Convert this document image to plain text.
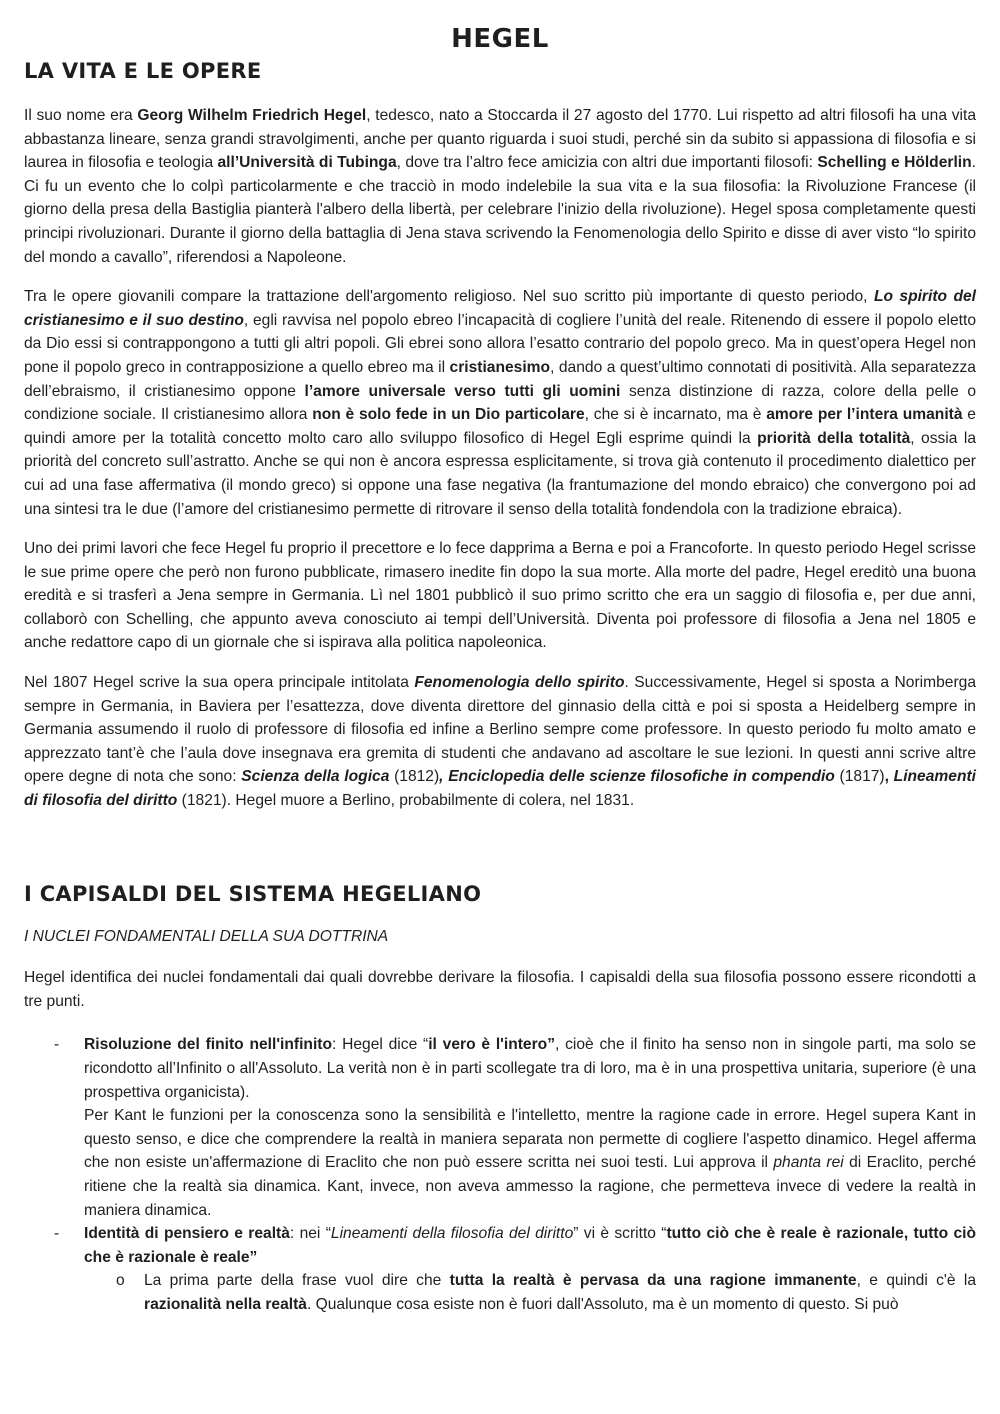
HEGEL
LA VITA E LE OPERE

Il suo nome era Georg Wilhelm Friedrich Hegel, tedesco, nato a Stoccarda il 27 agosto del 1770. Lui rispetto ad altri filosofi ha una vita abbastanza lineare, senza grandi stravolgimenti, anche per quanto riguarda i suoi studi, perché sin da subito si appassiona di filosofia e si laurea in filosofia e teologia all’Università di Tubinga, dove tra l’altro fece amicizia con altri due importanti filosofi: Schelling e Hölderlin. Ci fu un evento che lo colpì particolarmente e che tracciò in modo indelebile la sua vita e la sua filosofia: la Rivoluzione Francese (il giorno della presa della Bastiglia pianterà l'albero della libertà, per celebrare l'inizio della rivoluzione). Hegel sposa completamente questi principi rivoluzionari. Durante il giorno della battaglia di Jena stava scrivendo la Fenomenologia dello Spirito e disse di aver visto “lo spirito del mondo a cavallo”, riferendosi a Napoleone.

Tra le opere giovanili compare la trattazione dell'argomento religioso. Nel suo scritto più importante di questo periodo, Lo spirito del cristianesimo e il suo destino, egli ravvisa nel popolo ebreo l’incapacità di cogliere l’unità del reale. Ritenendo di essere il popolo eletto da Dio essi si contrappongono a tutti gli altri popoli. Gli ebrei sono allora l’esatto contrario del popolo greco. Ma in quest’opera Hegel non pone il popolo greco in contrapposizione a quello ebreo ma il cristianesimo, dando a quest’ultimo connotati di positività. Alla separatezza dell’ebraismo, il cristianesimo oppone l’amore universale verso tutti gli uomini senza distinzione di razza, colore della pelle o condizione sociale. Il cristianesimo allora non è solo fede in un Dio particolare, che si è incarnato, ma è amore per l’intera umanità e quindi amore per la totalità concetto molto caro allo sviluppo filosofico di Hegel Egli esprime quindi la priorità della totalità, ossia la priorità del concreto sull’astratto. Anche se qui non è ancora espressa esplicitamente, si trova già contenuto il procedimento dialettico per cui ad una fase affermativa (il mondo greco) si oppone una fase negativa (la frantumazione del mondo ebraico) che convergono poi ad una sintesi tra le due (l’amore del cristianesimo permette di ritrovare il senso della totalità fondendola con la tradizione ebraica).

Uno dei primi lavori che fece Hegel fu proprio il precettore e lo fece dapprima a Berna e poi a Francoforte. In questo periodo Hegel scrisse le sue prime opere che però non furono pubblicate, rimasero inedite fin dopo la sua morte. Alla morte del padre, Hegel ereditò una buona eredità e si trasferì a Jena sempre in Germania. Lì nel 1801 pubblicò il suo primo scritto che era un saggio di filosofia e, per due anni, collaborò con Schelling, che appunto aveva conosciuto ai tempi dell’Università. Diventa poi professore di filosofia a Jena nel 1805 e anche redattore capo di un giornale che si ispirava alla politica napoleonica.

Nel 1807 Hegel scrive la sua opera principale intitolata Fenomenologia dello spirito. Successivamente, Hegel si sposta a Norimberga sempre in Germania, in Baviera per l’esattezza, dove diventa direttore del ginnasio della città e poi si sposta a Heidelberg sempre in Germania assumendo il ruolo di professore di filosofia ed infine a Berlino sempre come professore. In questo periodo fu molto amato e apprezzato tant’è che l’aula dove insegnava era gremita di studenti che andavano ad ascoltare le sue lezioni. In questi anni scrive altre opere degne di nota che sono: Scienza della logica (1812), Enciclopedia delle scienze filosofiche in compendio (1817), Lineamenti di filosofia del diritto (1821). Hegel muore a Berlino, probabilmente di colera, nel 1831.

I CAPISALDI DEL SISTEMA HEGELIANO

I NUCLEI FONDAMENTALI DELLA SUA DOTTRINA

Hegel identifica dei nuclei fondamentali dai quali dovrebbe derivare la filosofia. I capisaldi della sua filosofia possono essere ricondotti a tre punti.

- Risoluzione del finito nell'infinito: Hegel dice “il vero è l'intero”, cioè che il finito ha senso non in singole parti, ma solo se ricondotto all’Infinito o all'Assoluto. La verità non è in parti scollegate tra di loro, ma è in una prospettiva unitaria, superiore (è una prospettiva organicista).
Per Kant le funzioni per la conoscenza sono la sensibilità e l'intelletto, mentre la ragione cade in errore. Hegel supera Kant in questo senso, e dice che comprendere la realtà in maniera separata non permette di cogliere l'aspetto dinamico. Hegel afferma che non esiste un'affermazione di Eraclito che non può essere scritta nei suoi testi. Lui approva il phanta rei di Eraclito, perché ritiene che la realtà sia dinamica. Kant, invece, non aveva ammesso la ragione, che permetteva invece di vedere la realtà in maniera dinamica.
- Identità di pensiero e realtà: nei “Lineamenti della filosofia del diritto” vi è scritto “tutto ciò che è reale è razionale, tutto ciò che è razionale è reale”
o La prima parte della frase vuol dire che tutta la realtà è pervasa da una ragione immanente, e quindi c'è la razionalità nella realtà. Qualunque cosa esiste non è fuori dall'Assoluto, ma è un momento di questo. Si può
